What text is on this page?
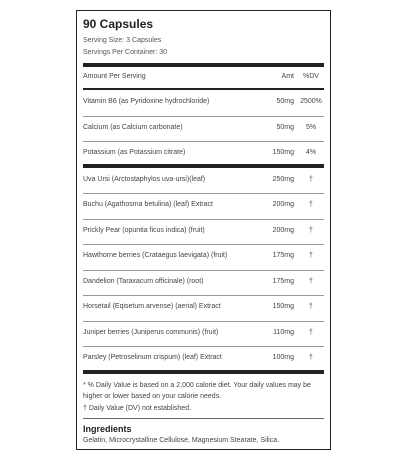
90 Capsules
Serving Size: 3 Capsules
Servings Per Container: 30
Amount Per Serving	Amt	%DV
Vitamin B6 (as Pyridoxine hydrochloride)	50mg 2500%
Calcium (as Calcium carbonate)	50mg	5%
Potassium (as Potassium citrate)	150mg	4%
Uva Ursi (Arctostaphylos uva-ursi)(leaf)	250mg	†
Buchu (Agathosma betulina) (leaf) Extract	200mg	†
Prickly Pear (opuntia ficus indica) (fruit)	200mg	†
Hawthorne berries (Crataegus laevigata) (fruit)	175mg	†
Dandelion (Taraxacum officinale) (root)	175mg	†
Horsetail (Eqisetum arvense) (aerial) Extract	150mg	†
Juniper berries (Juniperus communis) (fruit)	110mg	†
Parsley (Petroselinum crispum) (leaf) Extract	100mg	†
* % Daily Value is based on a 2,000 calorie diet. Your daily values may be higher or lower based on your calorie needs.
† Daily Value (DV) not established.
Ingredients
Gelatin, Microcrystalline Cellulose, Magnesium Stearate, Silica.
